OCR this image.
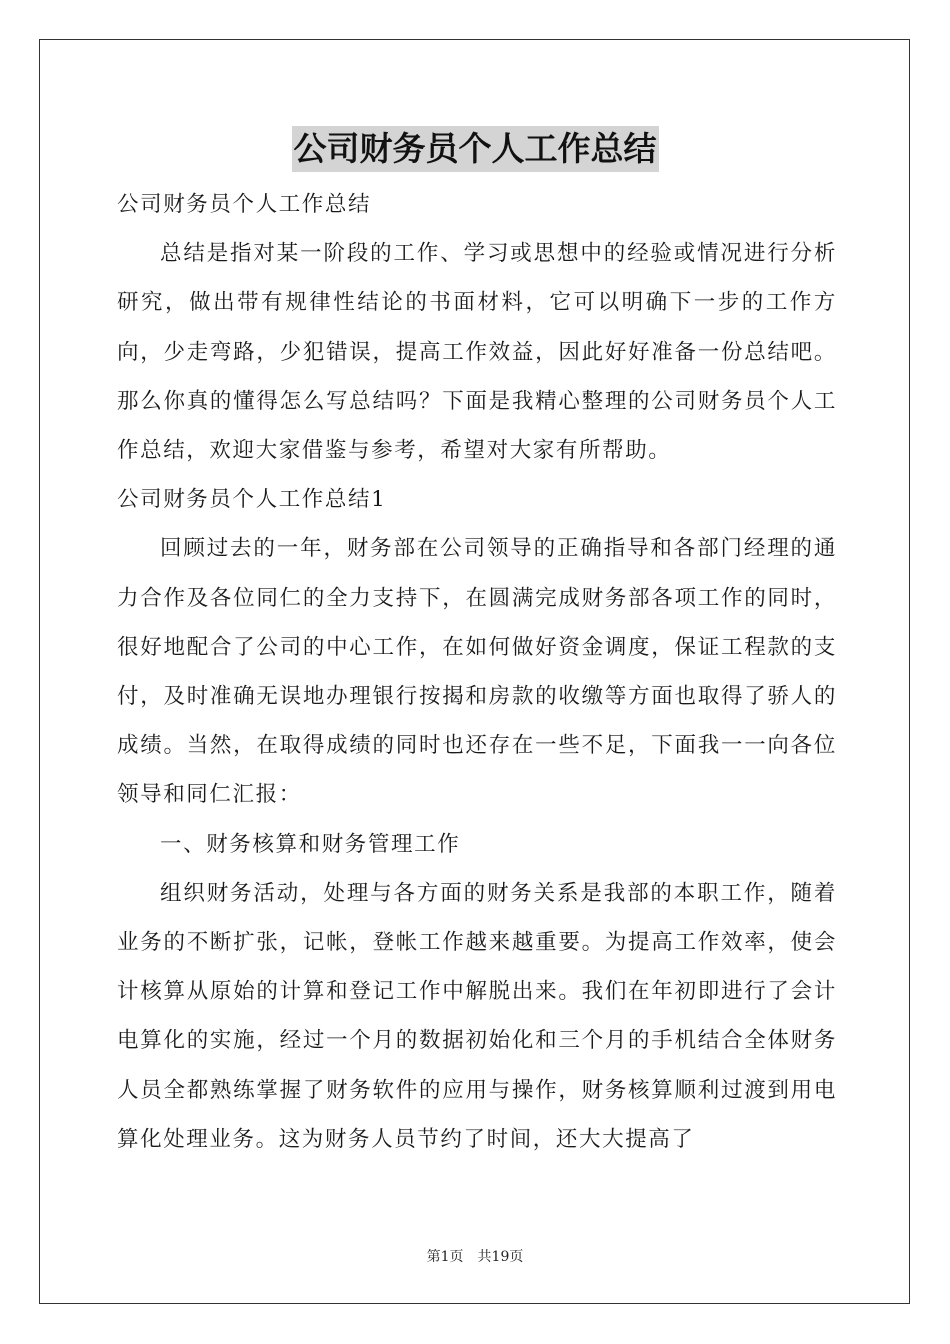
公司财务员个人工作总结

公司财务员个人工作总结

总结是指对某一阶段的工作、学习或思想中的经验或情况进行分析研究，做出带有规律性结论的书面材料，它可以明确下一步的工作方向，少走弯路，少犯错误，提高工作效益，因此好好准备一份总结吧。那么你真的懂得怎么写总结吗？下面是我精心整理的公司财务员个人工作总结，欢迎大家借鉴与参考，希望对大家有所帮助。

公司财务员个人工作总结1

回顾过去的一年，财务部在公司领导的正确指导和各部门经理的通力合作及各位同仁的全力支持下，在圆满完成财务部各项工作的同时，很好地配合了公司的中心工作，在如何做好资金调度，保证工程款的支付，及时准确无误地办理银行按揭和房款的收缴等方面也取得了骄人的成绩。当然，在取得成绩的同时也还存在一些不足，下面我一一向各位领导和同仁汇报：

一、财务核算和财务管理工作

组织财务活动，处理与各方面的财务关系是我部的本职工作，随着业务的不断扩张，记帐，登帐工作越来越重要。为提高工作效率，使会计核算从原始的计算和登记工作中解脱出来。我们在年初即进行了会计电算化的实施，经过一个月的数据初始化和三个月的手机结合全体财务人员全都熟练掌握了财务软件的应用与操作，财务核算顺利过渡到用电算化处理业务。这为财务人员节约了时间，还大大提高了

第1页 共19页
